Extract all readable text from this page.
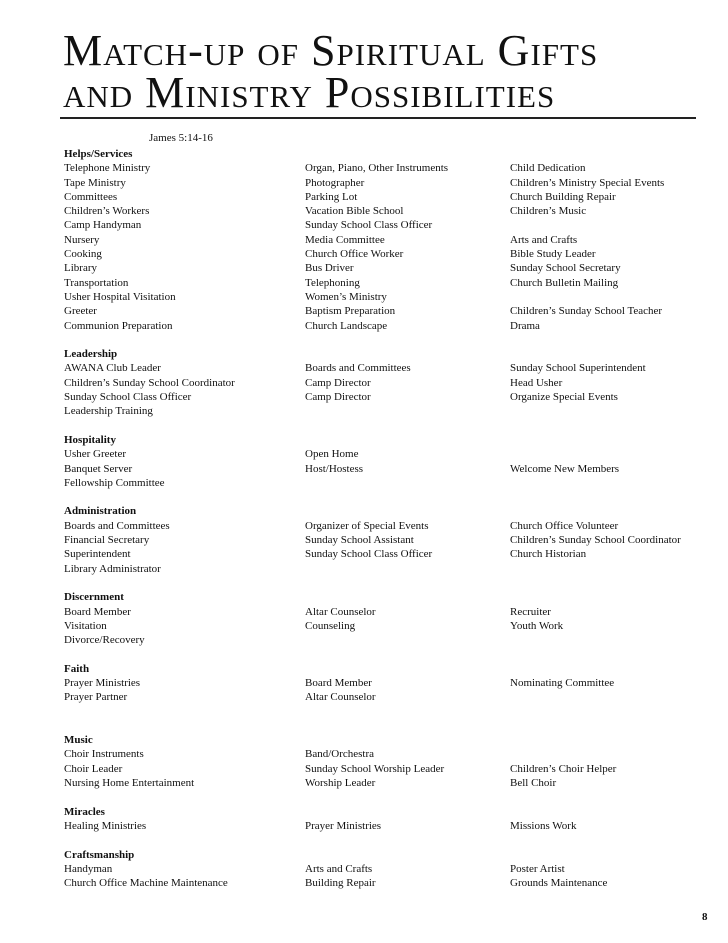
Match-up of Spiritual Gifts
and Ministry Possibilities
James 5:14-16
Helps/Services
Telephone Ministry	Organ, Piano, Other Instruments	Child Dedication
Tape Ministry	Photographer	Children’s Ministry Special Events
Committees	Parking Lot	Church Building Repair
Children’s Workers	Vacation Bible School	Children’s Music
Camp Handyman	Sunday School Class Officer
Nursery	Media Committee	Arts and Crafts
Cooking	Church Office Worker	Bible Study Leader
Library	Bus Driver	Sunday School Secretary
Transportation	Telephoning	Church Bulletin Mailing
Usher Hospital Visitation	Women’s Ministry
Greeter	Baptism Preparation	Children’s Sunday School Teacher
Communion Preparation	Church Landscape	Drama
Leadership
AWANA Club Leader	Boards and Committees	Sunday School Superintendent
Children’s Sunday School Coordinator	Camp Director	Head Usher
Sunday School Class Officer	Camp Director	Organize Special Events
Leadership Training
Hospitality
Usher Greeter	Open Home
Banquet Server	Host/Hostess	Welcome New Members
Fellowship Committee
Administration
Boards and Committees	Organizer of Special Events	Church Office Volunteer
Financial Secretary	Sunday School Assistant	Children’s Sunday School Coordinator
Superintendent	Sunday School Class Officer	Church Historian
Library Administrator
Discernment
Board Member	Altar Counselor	Recruiter
Visitation	Counseling	Youth Work
Divorce/Recovery
Faith
Prayer Ministries	Board Member	Nominating Committee
Prayer Partner	Altar Counselor
Music
Choir Instruments	Band/Orchestra
Choir Leader	Sunday School Worship Leader	Children’s Choir Helper
Nursing Home Entertainment	Worship Leader	Bell Choir
Miracles
Healing Ministries	Prayer Ministries	Missions Work
Craftsmanship
Handyman	Arts and Crafts	Poster Artist
Church Office Machine Maintenance	Building Repair	Grounds Maintenance
8
